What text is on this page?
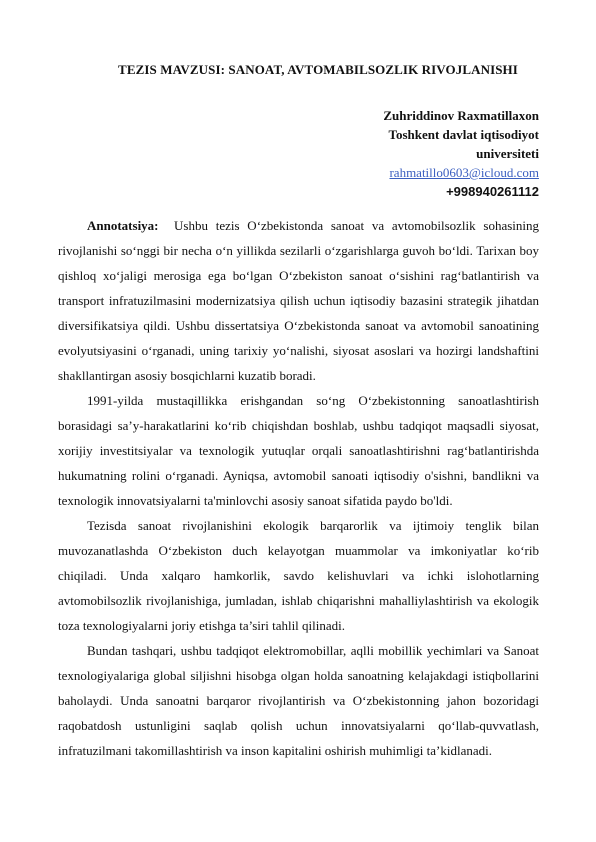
TEZIS MAVZUSI: SANOAT, AVTOMABILSOZLIK RIVOJLANISHI
Zuhriddinov Raxmatillaxon
Toshkent davlat iqtisodiyot
universiteti
rahmatillo0603@icloud.com
+998940261112

Annotatsiya: Ushbu tezis O‘zbekistonda sanoat va avtomobilsozlik sohasining rivojlanishi so‘nggi bir necha o‘n yillikda sezilarli o‘zgarishlarga guvoh bo‘ldi. Tarixan boy qishloq xo‘jaligi merosiga ega bo‘lgan O‘zbekiston sanoat o‘sishini rag‘batlantirish va transport infratuzilmasini modernizatsiya qilish uchun iqtisodiy bazasini strategik jihatdan diversifikatsiya qildi. Ushbu dissertatsiya O‘zbekistonda sanoat va avtomobil sanoatining evolyutsiyasini o‘rganadi, uning tarixiy yo‘nalishi, siyosat asoslari va hozirgi landshaftini shakllantirgan asosiy bosqichlarni kuzatib boradi.

1991-yilda mustaqillikka erishgandan so‘ng O‘zbekistonning sanoatlashtirish borasidagi sa’y-harakatlarini ko‘rib chiqishdan boshlab, ushbu tadqiqot maqsadli siyosat, xorijiy investitsiyalar va texnologik yutuqlar orqali sanoatlashtirishni rag‘batlantirishda hukumatning rolini o‘rganadi. Ayniqsa, avtomobil sanoati iqtisodiy o'sishni, bandlikni va texnologik innovatsiyalarni ta'minlovchi asosiy sanoat sifatida paydo bo'ldi.

Tezisda sanoat rivojlanishini ekologik barqarorlik va ijtimoiy tenglik bilan muvozanatlashda O‘zbekiston duch kelayotgan muammolar va imkoniyatlar ko‘rib chiqiladi. Unda xalqaro hamkorlik, savdo kelishuvlari va ichki islohotlarning avtomobilsozlik rivojlanishiga, jumladan, ishlab chiqarishni mahalliylashtirish va ekologik toza texnologiyalarni joriy etishga ta’siri tahlil qilinadi.

Bundan tashqari, ushbu tadqiqot elektromobillar, aqlli mobillik yechimlari va Sanoat texnologiyalariga global siljishni hisobga olgan holda sanoatning kelajakdagi istiqbollarini baholaydi. Unda sanoatni barqaror rivojlantirish va O‘zbekistonning jahon bozoridagi raqobatdosh ustunligini saqlab qolish uchun innovatsiyalarni qo‘llab-quvvatlash, infratuzilmani takomillashtirish va inson kapitalini oshirish muhimligi ta’kidlanadi.
